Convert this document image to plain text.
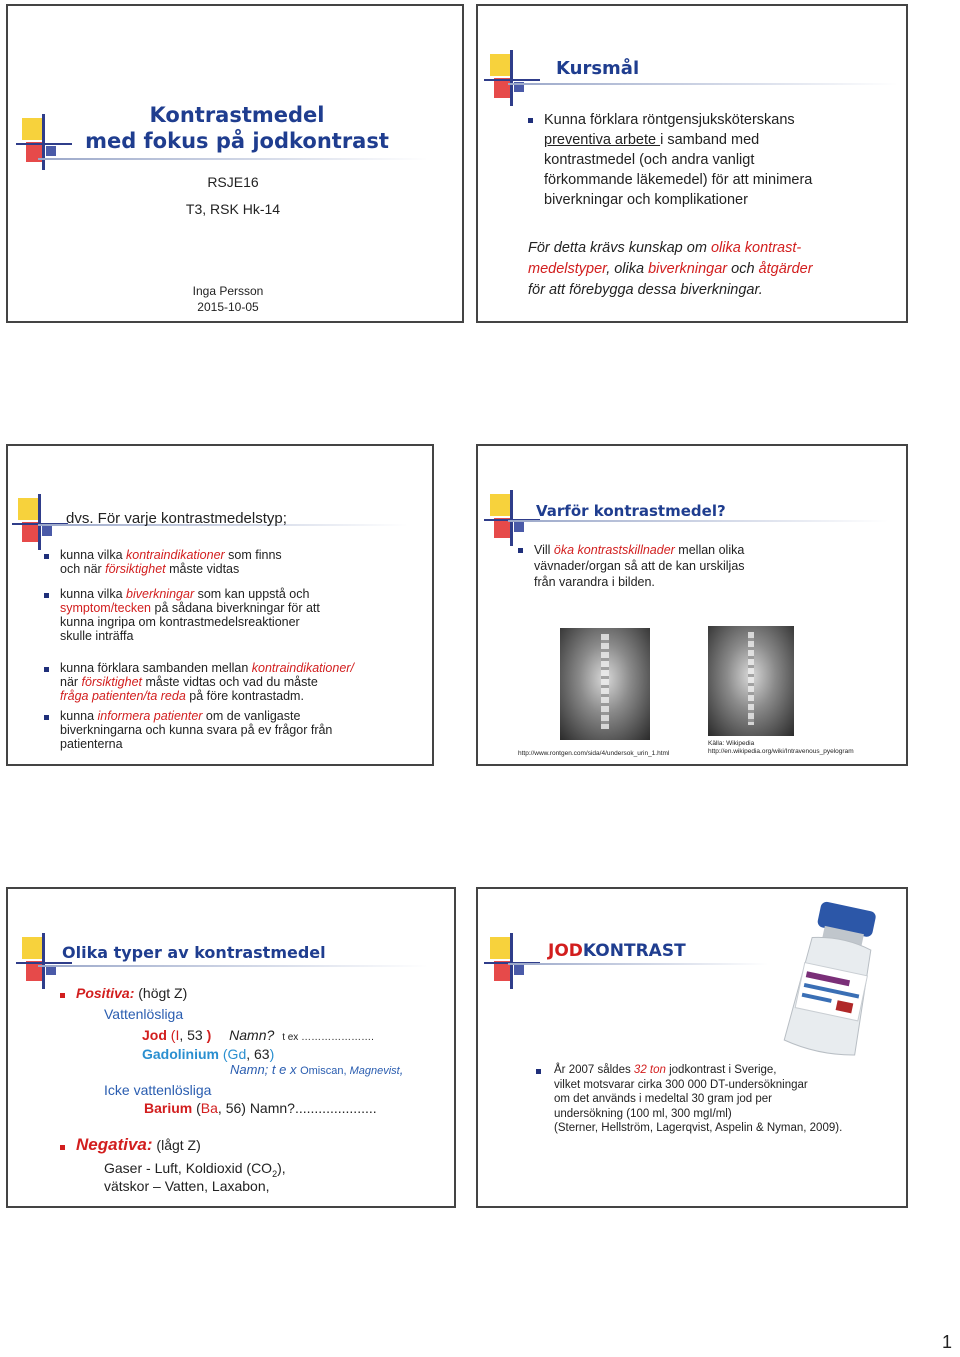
Kontrastmedel
med fokus på jodkontrast
RSJE16
T3, RSK Hk-14
Inga Persson
2015-10-05
Kursmål
Kunna förklara röntgensjuksköterskans
preventiva arbete i samband med
kontrastmedel (och andra vanligt
förkommande läkemedel) för att minimera
biverkningar och komplikationer
För detta krävs kunskap om olika kontrast-
medelstyper, olika biverkningar och åtgärder
för att förebygga dessa biverkningar.
dvs. För varje kontrastmedelstyp;
kunna vilka kontraindikationer som finns
och när försiktighet måste vidtas
kunna vilka biverkningar som kan uppstå och
symptom/tecken på sådana biverkningar för att
kunna ingripa om kontrastmedelsreaktioner
skulle inträffa
kunna förklara sambanden mellan kontraindikationer/
när försiktighet måste vidtas och vad du måste
fråga patienten/ta reda på före kontrastadm.
kunna informera patienter om de vanligaste
biverkningarna och kunna svara på ev frågor från
patienterna
Varför kontrastmedel?
Vill öka kontrastskillnader mellan olika
vävnader/organ så att de kan urskiljas
från varandra i bilden.
http://www.rontgen.com/sida/4/undersok_urin_1.html
Källa: Wikipedia
http://en.wikipedia.org/wiki/Intravenous_pyelogram
Olika typer av kontrastmedel
Positiva: (högt Z)
Vattenlösliga
Jod (I, 53 ) Namn? t ex ………………….
Gadolinium (Gd, 63)
Namn; t e x Omiscan, Magnevist,
Icke vattenlösliga
Barium (Ba, 56) Namn?.....................
Negativa: (lågt Z)
Gaser - Luft, Koldioxid $(CO_2)$,
vätskor – Vatten, Laxabon,
JODKONTRAST
År 2007 såldes 32 ton jodkontrast i Sverige,
vilket motsvarar cirka 300 000 DT-undersökningar
om det används i medeltal 30 gram jod per
undersökning (100 ml, 300 mgI/ml)
(Sterner, Hellström, Lagerqvist, Aspelin & Nyman, 2009).
1
